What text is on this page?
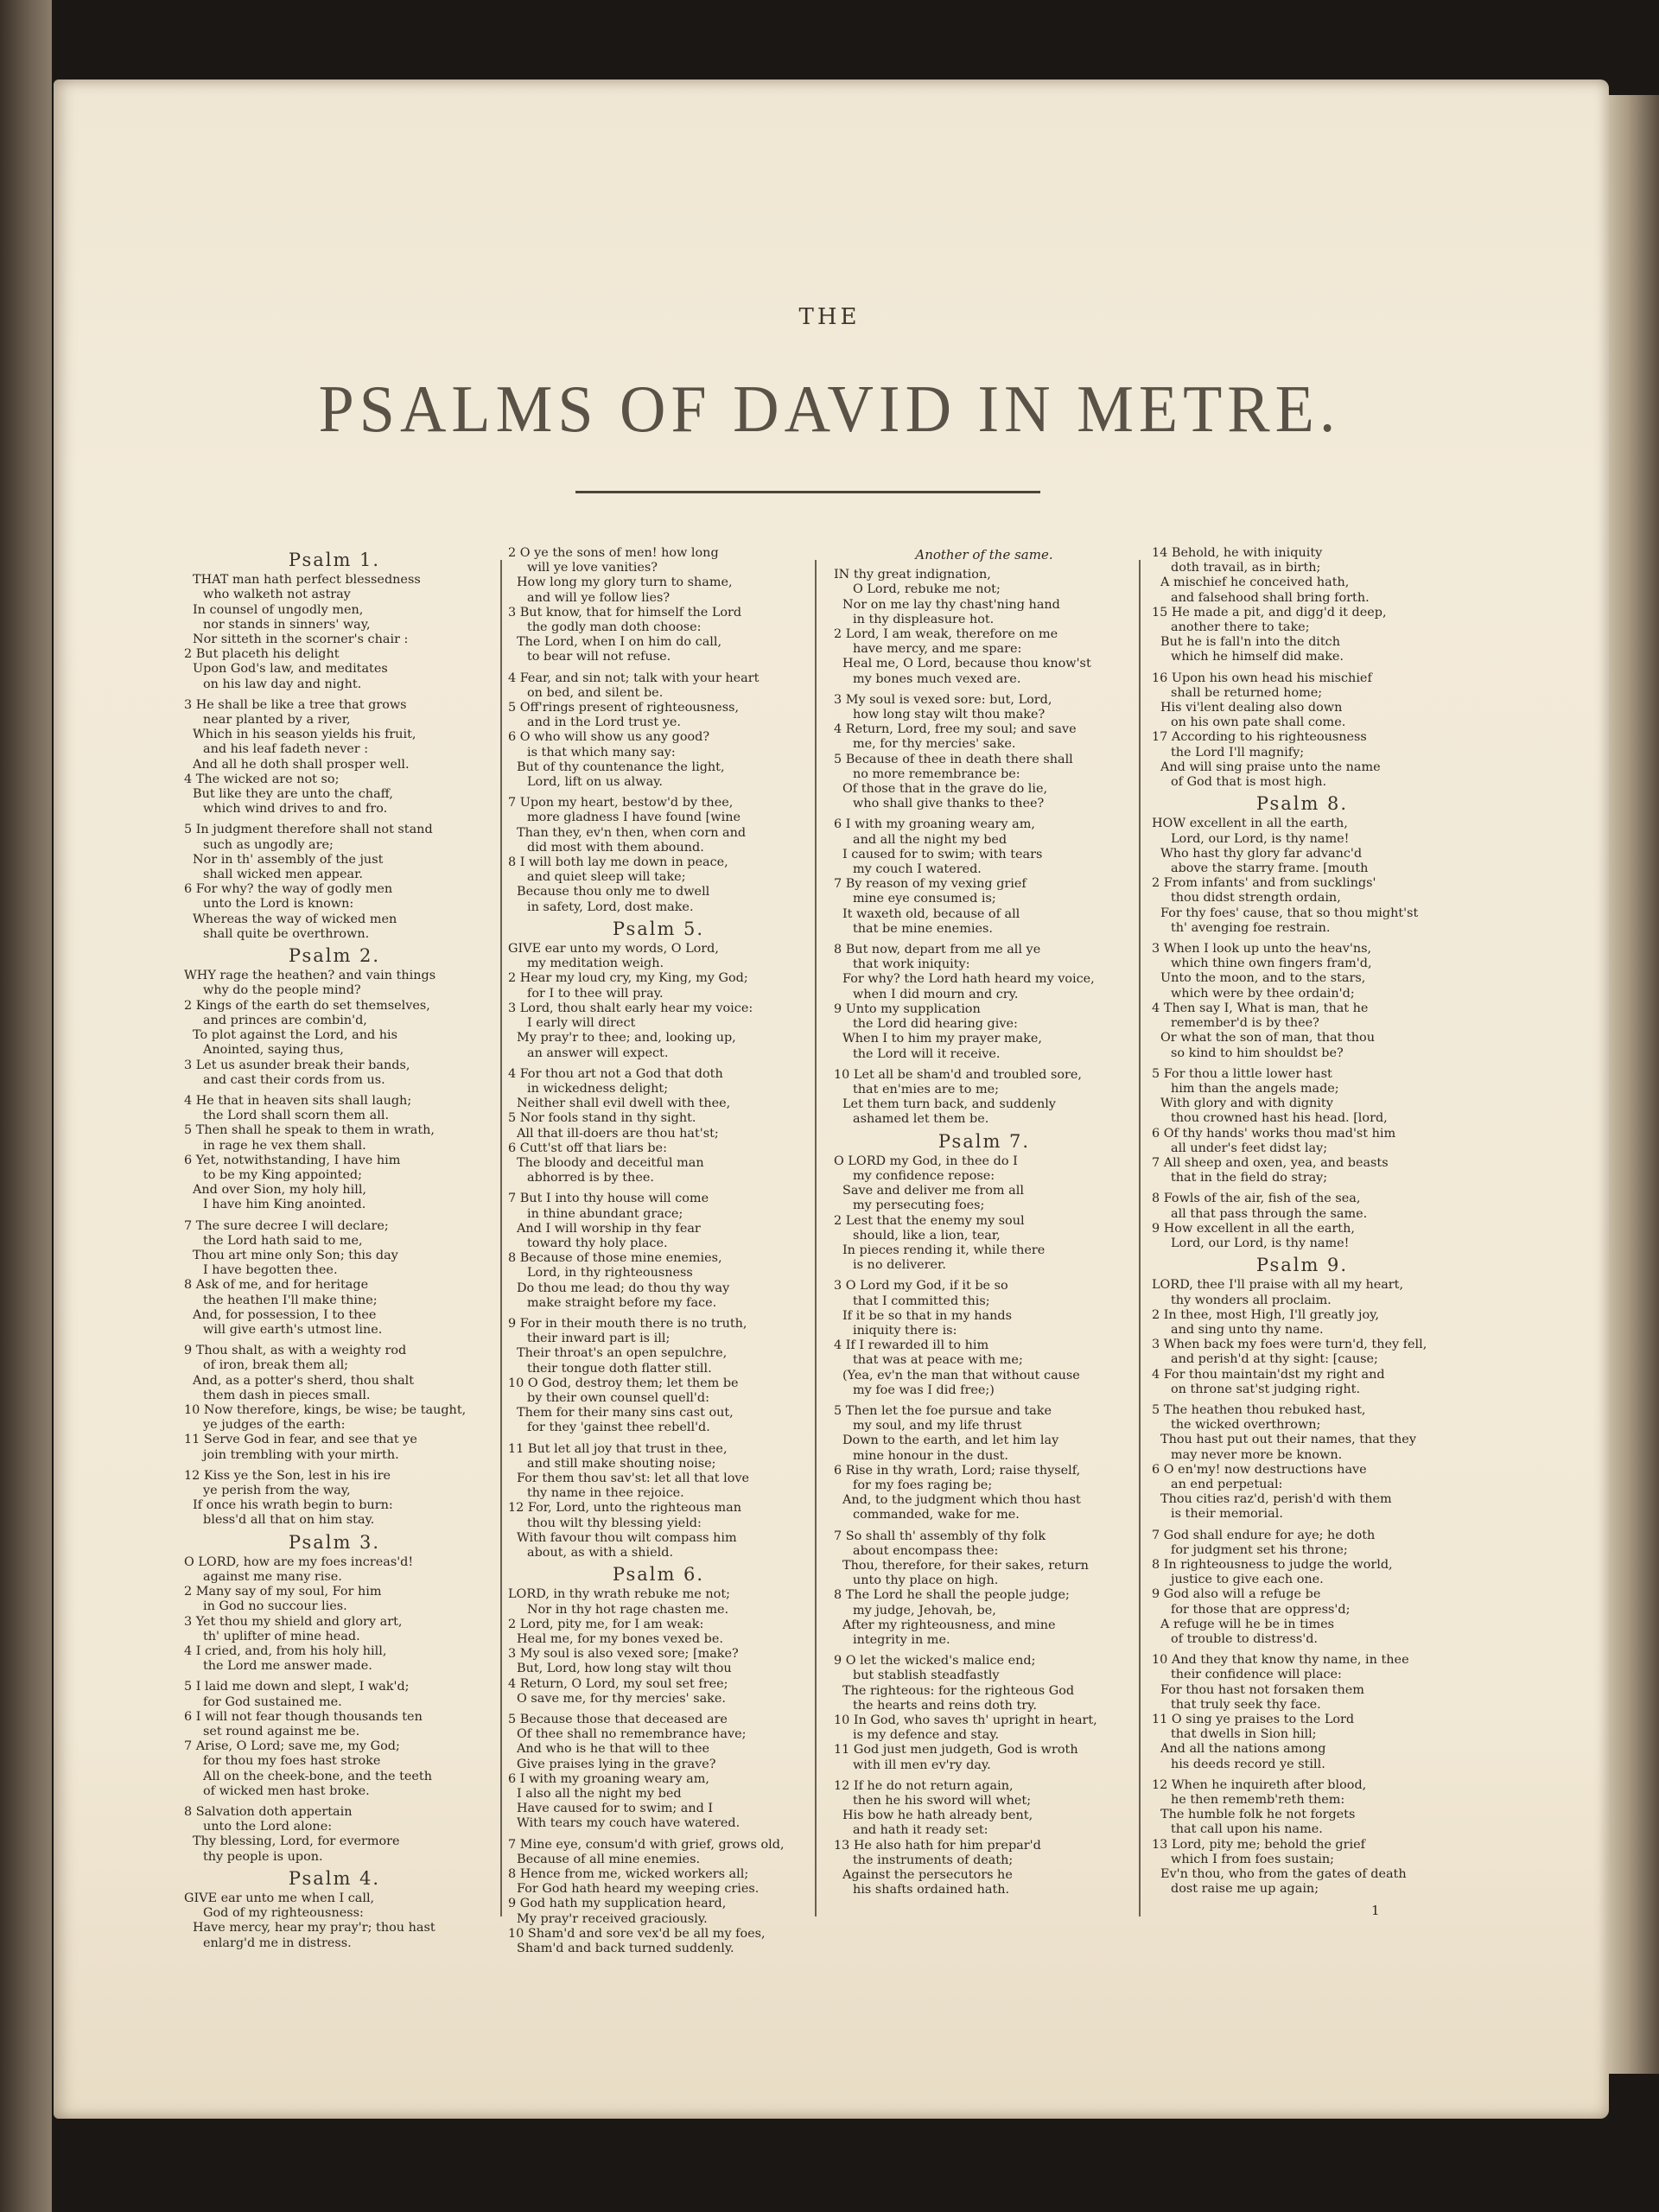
THE
PSALMS OF DAVID IN METRE.
Psalm 1.
THAT man hath perfect blessedness
who walketh not astray
In counsel of ungodly men,
nor stands in sinners' way,
Nor sitteth in the scorner's chair :
2 But placeth his delight
Upon God's law, and meditates
on his law day and night.
3 He shall be like a tree that grows
near planted by a river,
Which in his season yields his fruit,
and his leaf fadeth never :
And all he doth shall prosper well.
4 The wicked are not so;
But like they are unto the chaff,
which wind drives to and fro.
5 In judgment therefore shall not stand
such as ungodly are;
Nor in th' assembly of the just
shall wicked men appear.
6 For why? the way of godly men
unto the Lord is known:
Whereas the way of wicked men
shall quite be overthrown.
Psalm 2.
WHY rage the heathen? and vain things
why do the people mind?
2 Kings of the earth do set themselves,
and princes are combin'd,
To plot against the Lord, and his
Anointed, saying thus,
3 Let us asunder break their bands,
and cast their cords from us.
4 He that in heaven sits shall laugh;
the Lord shall scorn them all.
5 Then shall he speak to them in wrath,
in rage he vex them shall.
6 Yet, notwithstanding, I have him
to be my King appointed;
And over Sion, my holy hill,
I have him King anointed.
7 The sure decree I will declare;
the Lord hath said to me,
Thou art mine only Son; this day
I have begotten thee.
8 Ask of me, and for heritage
the heathen I'll make thine;
And, for possession, I to thee
will give earth's utmost line.
9 Thou shalt, as with a weighty rod
of iron, break them all;
And, as a potter's sherd, thou shalt
them dash in pieces small.
10 Now therefore, kings, be wise; be taught,
ye judges of the earth:
11 Serve God in fear, and see that ye
join trembling with your mirth.
12 Kiss ye the Son, lest in his ire
ye perish from the way,
If once his wrath begin to burn:
bless'd all that on him stay.
Psalm 3.
O LORD, how are my foes increas'd!
against me many rise.
2 Many say of my soul, For him
in God no succour lies.
3 Yet thou my shield and glory art,
th' uplifter of mine head.
4 I cried, and, from his holy hill,
the Lord me answer made.
5 I laid me down and slept, I wak'd;
for God sustained me.
6 I will not fear though thousands ten
set round against me be.
7 Arise, O Lord; save me, my God;
for thou my foes hast stroke
All on the cheek-bone, and the teeth
of wicked men hast broke.
8 Salvation doth appertain
unto the Lord alone:
Thy blessing, Lord, for evermore
thy people is upon.
Psalm 4.
GIVE ear unto me when I call,
God of my righteousness:
Have mercy, hear my pray'r; thou hast
enlarg'd me in distress.
2 O ye the sons of men! how long
will ye love vanities?
How long my glory turn to shame,
and will ye follow lies?
3 But know, that for himself the Lord
the godly man doth choose:
The Lord, when I on him do call,
to bear will not refuse.
4 Fear, and sin not; talk with your heart
on bed, and silent be.
5 Off'rings present of righteousness,
and in the Lord trust ye.
6 O who will show us any good?
is that which many say:
But of thy countenance the light,
Lord, lift on us alway.
7 Upon my heart, bestow'd by thee,
more gladness I have found [wine
Than they, ev'n then, when corn and
did most with them abound.
8 I will both lay me down in peace,
and quiet sleep will take;
Because thou only me to dwell
in safety, Lord, dost make.
Psalm 5.
GIVE ear unto my words, O Lord,
my meditation weigh.
2 Hear my loud cry, my King, my God;
for I to thee will pray.
3 Lord, thou shalt early hear my voice:
I early will direct
My pray'r to thee; and, looking up,
an answer will expect.
4 For thou art not a God that doth
in wickedness delight;
Neither shall evil dwell with thee,
5 Nor fools stand in thy sight.
All that ill-doers are thou hat'st;
6 Cutt'st off that liars be:
The bloody and deceitful man
abhorred is by thee.
7 But I into thy house will come
in thine abundant grace;
And I will worship in thy fear
toward thy holy place.
8 Because of those mine enemies,
Lord, in thy righteousness
Do thou me lead; do thou thy way
make straight before my face.
9 For in their mouth there is no truth,
their inward part is ill;
Their throat's an open sepulchre,
their tongue doth flatter still.
10 O God, destroy them; let them be
by their own counsel quell'd:
Them for their many sins cast out,
for they 'gainst thee rebell'd.
11 But let all joy that trust in thee,
and still make shouting noise;
For them thou sav'st: let all that love
thy name in thee rejoice.
12 For, Lord, unto the righteous man
thou wilt thy blessing yield:
With favour thou wilt compass him
about, as with a shield.
Psalm 6.
LORD, in thy wrath rebuke me not;
Nor in thy hot rage chasten me.
2 Lord, pity me, for I am weak:
Heal me, for my bones vexed be.
3 My soul is also vexed sore; [make?
But, Lord, how long stay wilt thou
4 Return, O Lord, my soul set free;
O save me, for thy mercies' sake.
5 Because those that deceased are
Of thee shall no remembrance have;
And who is he that will to thee
Give praises lying in the grave?
6 I with my groaning weary am,
I also all the night my bed
Have caused for to swim; and I
With tears my couch have watered.
7 Mine eye, consum'd with grief, grows old,
Because of all mine enemies.
8 Hence from me, wicked workers all;
For God hath heard my weeping cries.
9 God hath my supplication heard,
My pray'r received graciously.
10 Sham'd and sore vex'd be all my foes,
Sham'd and back turned suddenly.
Another of the same.
IN thy great indignation,
O Lord, rebuke me not;
Nor on me lay thy chast'ning hand
in thy displeasure hot.
2 Lord, I am weak, therefore on me
have mercy, and me spare:
Heal me, O Lord, because thou know'st
my bones much vexed are.
3 My soul is vexed sore: but, Lord,
how long stay wilt thou make?
4 Return, Lord, free my soul; and save
me, for thy mercies' sake.
5 Because of thee in death there shall
no more remembrance be:
Of those that in the grave do lie,
who shall give thanks to thee?
6 I with my groaning weary am,
and all the night my bed
I caused for to swim; with tears
my couch I watered.
7 By reason of my vexing grief
mine eye consumed is;
It waxeth old, because of all
that be mine enemies.
8 But now, depart from me all ye
that work iniquity:
For why? the Lord hath heard my voice,
when I did mourn and cry.
9 Unto my supplication
the Lord did hearing give:
When I to him my prayer make,
the Lord will it receive.
10 Let all be sham'd and troubled sore,
that en'mies are to me;
Let them turn back, and suddenly
ashamed let them be.
Psalm 7.
O LORD my God, in thee do I
my confidence repose:
Save and deliver me from all
my persecuting foes;
2 Lest that the enemy my soul
should, like a lion, tear,
In pieces rending it, while there
is no deliverer.
3 O Lord my God, if it be so
that I committed this;
If it be so that in my hands
iniquity there is:
4 If I rewarded ill to him
that was at peace with me;
(Yea, ev'n the man that without cause
my foe was I did free;)
5 Then let the foe pursue and take
my soul, and my life thrust
Down to the earth, and let him lay
mine honour in the dust.
6 Rise in thy wrath, Lord; raise thyself,
for my foes raging be;
And, to the judgment which thou hast
commanded, wake for me.
7 So shall th' assembly of thy folk
about encompass thee:
Thou, therefore, for their sakes, return
unto thy place on high.
8 The Lord he shall the people judge;
my judge, Jehovah, be,
After my righteousness, and mine
integrity in me.
9 O let the wicked's malice end;
but stablish steadfastly
The righteous: for the righteous God
the hearts and reins doth try.
10 In God, who saves th' upright in heart,
is my defence and stay.
11 God just men judgeth, God is wroth
with ill men ev'ry day.
12 If he do not return again,
then he his sword will whet;
His bow he hath already bent,
and hath it ready set:
13 He also hath for him prepar'd
the instruments of death;
Against the persecutors he
his shafts ordained hath.
14 Behold, he with iniquity
doth travail, as in birth;
A mischief he conceived hath,
and falsehood shall bring forth.
15 He made a pit, and digg'd it deep,
another there to take;
But he is fall'n into the ditch
which he himself did make.
16 Upon his own head his mischief
shall be returned home;
His vi'lent dealing also down
on his own pate shall come.
17 According to his righteousness
the Lord I'll magnify;
And will sing praise unto the name
of God that is most high.
Psalm 8.
HOW excellent in all the earth,
Lord, our Lord, is thy name!
Who hast thy glory far advanc'd
above the starry frame. [mouth
2 From infants' and from sucklings'
thou didst strength ordain,
For thy foes' cause, that so thou might'st
th' avenging foe restrain.
3 When I look up unto the heav'ns,
which thine own fingers fram'd,
Unto the moon, and to the stars,
which were by thee ordain'd;
4 Then say I, What is man, that he
remember'd is by thee?
Or what the son of man, that thou
so kind to him shouldst be?
5 For thou a little lower hast
him than the angels made;
With glory and with dignity
thou crowned hast his head. [lord,
6 Of thy hands' works thou mad'st him
all under's feet didst lay;
7 All sheep and oxen, yea, and beasts
that in the field do stray;
8 Fowls of the air, fish of the sea,
all that pass through the same.
9 How excellent in all the earth,
Lord, our Lord, is thy name!
Psalm 9.
LORD, thee I'll praise with all my heart,
thy wonders all proclaim.
2 In thee, most High, I'll greatly joy,
and sing unto thy name.
3 When back my foes were turn'd, they fell,
and perish'd at thy sight: [cause;
4 For thou maintain'dst my right and
on throne sat'st judging right.
5 The heathen thou rebuked hast,
the wicked overthrown;
Thou hast put out their names, that they
may never more be known.
6 O en'my! now destructions have
an end perpetual:
Thou cities raz'd, perish'd with them
is their memorial.
7 God shall endure for aye; he doth
for judgment set his throne;
8 In righteousness to judge the world,
justice to give each one.
9 God also will a refuge be
for those that are oppress'd;
A refuge will he be in times
of trouble to distress'd.
10 And they that know thy name, in thee
their confidence will place:
For thou hast not forsaken them
that truly seek thy face.
11 O sing ye praises to the Lord
that dwells in Sion hill;
And all the nations among
his deeds record ye still.
12 When he inquireth after blood,
he then rememb'reth them:
The humble folk he not forgets
that call upon his name.
13 Lord, pity me; behold the grief
which I from foes sustain;
Ev'n thou, who from the gates of death
dost raise me up again;
1
